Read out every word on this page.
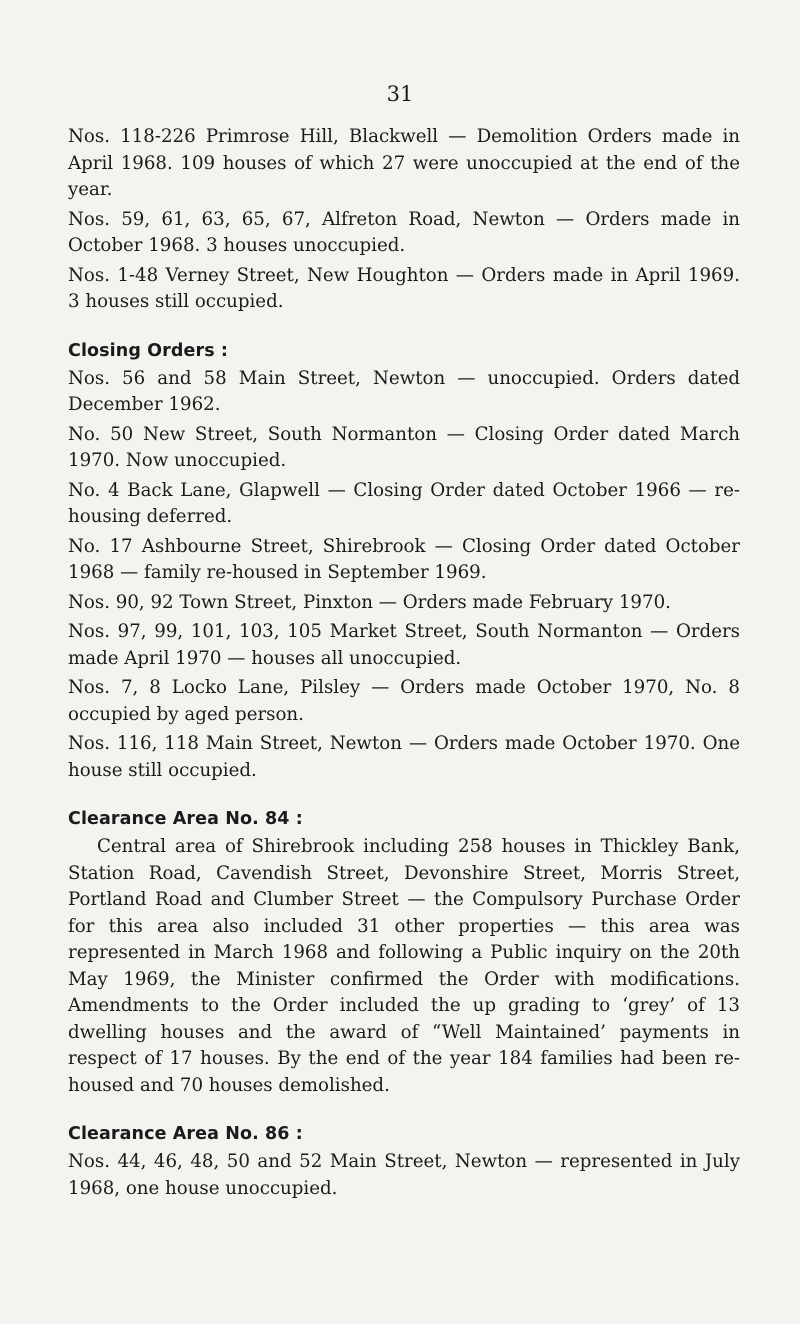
31

Nos. 118-226 Primrose Hill, Blackwell — Demolition Orders made in April 1968. 109 houses of which 27 were unoccupied at the end of the year.

Nos. 59, 61, 63, 65, 67, Alfreton Road, Newton — Orders made in October 1968. 3 houses unoccupied.

Nos. 1-48 Verney Street, New Houghton — Orders made in April 1969. 3 houses still occupied.

Closing Orders :

Nos. 56 and 58 Main Street, Newton — unoccupied. Orders dated December 1962.

No. 50 New Street, South Normanton — Closing Order dated March 1970. Now unoccupied.

No. 4 Back Lane, Glapwell — Closing Order dated October 1966 — re-housing deferred.

No. 17 Ashbourne Street, Shirebrook — Closing Order dated October 1968 — family re-housed in September 1969.

Nos. 90, 92 Town Street, Pinxton — Orders made February 1970.

Nos. 97, 99, 101, 103, 105 Market Street, South Normanton — Orders made April 1970 — houses all unoccupied.

Nos. 7, 8 Locko Lane, Pilsley — Orders made October 1970, No. 8 occupied by aged person.

Nos. 116, 118 Main Street, Newton — Orders made October 1970. One house still occupied.

Clearance Area No. 84 :

Central area of Shirebrook including 258 houses in Thickley Bank, Station Road, Cavendish Street, Devonshire Street, Morris Street, Portland Road and Clumber Street — the Compulsory Purchase Order for this area also included 31 other properties — this area was represented in March 1968 and following a Public inquiry on the 20th May 1969, the Minister confirmed the Order with modifications. Amendments to the Order included the up grading to ‘grey’ of 13 dwelling houses and the award of “Well Maintained’ payments in respect of 17 houses. By the end of the year 184 families had been re-housed and 70 houses demolished.

Clearance Area No. 86 :

Nos. 44, 46, 48, 50 and 52 Main Street, Newton — represented in July 1968, one house unoccupied.
